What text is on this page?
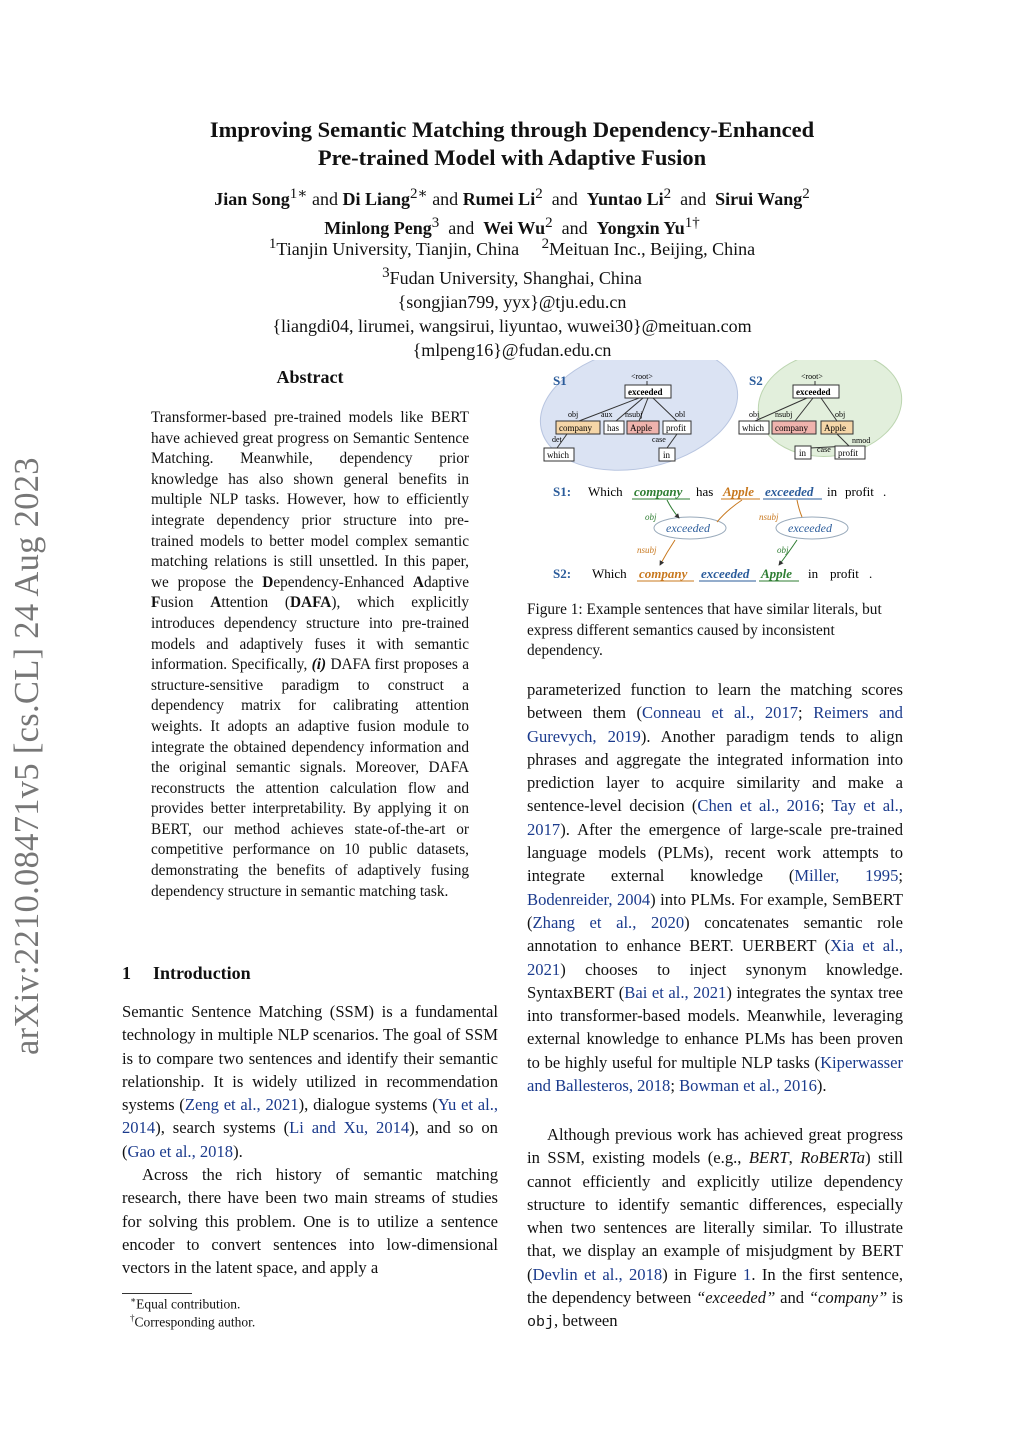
Improving Semantic Matching through Dependency-Enhanced
Pre-trained Model with Adaptive Fusion
Jian Song$^{1∗}$ and Di Liang$^{2∗}$ and Rumei Li$^2$ and Yuntao Li$^2$ and Sirui Wang$^2$
Minlong Peng$^3$ and Wei Wu$^2$ and Yongxin $Yu^{1\dagger}$
$^1$Tianjin University, Tianjin, China $^2$Meituan Inc., Beijing, China
$^3$Fudan University, Shanghai, China
{songjian799, yyx}@tju.edu.cn
{liangdi04, lirumei, wangsirui, liyuntao, wuwei30}@meituan.com
{mlpeng16}@fudan.edu.cn
arXiv:2210.08471v5 [cs.CL] 24 Aug 2023
Abstract
Transformer-based pre-trained models like BERT have achieved great progress on Semantic Sentence Matching. Meanwhile, dependency prior knowledge has also shown general benefits in multiple NLP tasks. However, how to efficiently integrate dependency prior structure into pre-trained models to better model complex semantic matching relations is still unsettled. In this paper, we propose the Dependency-Enhanced Adaptive Fusion Attention (DAFA), which explicitly introduces dependency structure into pre-trained models and adaptively fuses it with semantic information. Specifically, (i) DAFA first proposes a structure-sensitive paradigm to construct a dependency matrix for calibrating attention weights. It adopts an adaptive fusion module to integrate the obtained dependency information and the original semantic signals. Moreover, DAFA reconstructs the attention calculation flow and provides better interpretability. By applying it on BERT, our method achieves state-of-the-art or competitive performance on 10 public datasets, demonstrating the benefits of adaptively fusing dependency structure in semantic matching task.
1 Introduction
Semantic Sentence Matching (SSM) is a fundamental technology in multiple NLP scenarios. The goal of SSM is to compare two sentences and identify their semantic relationship. It is widely utilized in recommendation systems (Zeng et al., 2021), dialogue systems (Yu et al., 2014), search systems (Li and Xu, 2014), and so on (Gao et al., 2018).
Across the rich history of semantic matching research, there have been two main streams of studies for solving this problem. One is to utilize a sentence encoder to convert sentences into low-dimensional vectors in the latent space, and apply a
∗Equal contribution.
†Corresponding author.
S1	S2
<root>
exceeded
obj	aux nsubj	obl
company has Apple profit
det	case
which	in
<root>
exceeded
obj nsubj	obj
which company Apple
nmod
case
in	profit
S1: Which company has Apple exceeded in profit .
exceeded	exceeded
obj
nsubj
nsubj
obj
S2: Which company exceeded Apple in profit .
Figure 1: Example sentences that have similar literals, but express different semantics caused by inconsistent dependency.
parameterized function to learn the matching scores between them (Conneau et al., 2017; Reimers and Gurevych, 2019). Another paradigm tends to align phrases and aggregate the integrated information into prediction layer to acquire similarity and make a sentence-level decision (Chen et al., 2016; Tay et al., 2017). After the emergence of large-scale pre-trained language models (PLMs), recent work attempts to integrate external knowledge (Miller, 1995; Bodenreider, 2004) into PLMs. For example, SemBERT (Zhang et al., 2020) concatenates semantic role annotation to enhance BERT. UERBERT (Xia et al., 2021) chooses to inject synonym knowledge. SyntaxBERT (Bai et al., 2021) integrates the syntax tree into transformer-based models. Meanwhile, leveraging external knowledge to enhance PLMs has been proven to be highly useful for multiple NLP tasks (Kiperwasser and Ballesteros, 2018; Bowman et al., 2016).
Although previous work has achieved great progress in SSM, existing models (e.g., BERT, RoBERTa) still cannot efficiently and explicitly utilize dependency structure to identify semantic differences, especially when two sentences are literally similar. To illustrate that, we display an example of misjudgment by BERT (Devlin et al., 2018) in Figure 1. In the first sentence, the dependency between “exceeded” and “company” is obj, between
